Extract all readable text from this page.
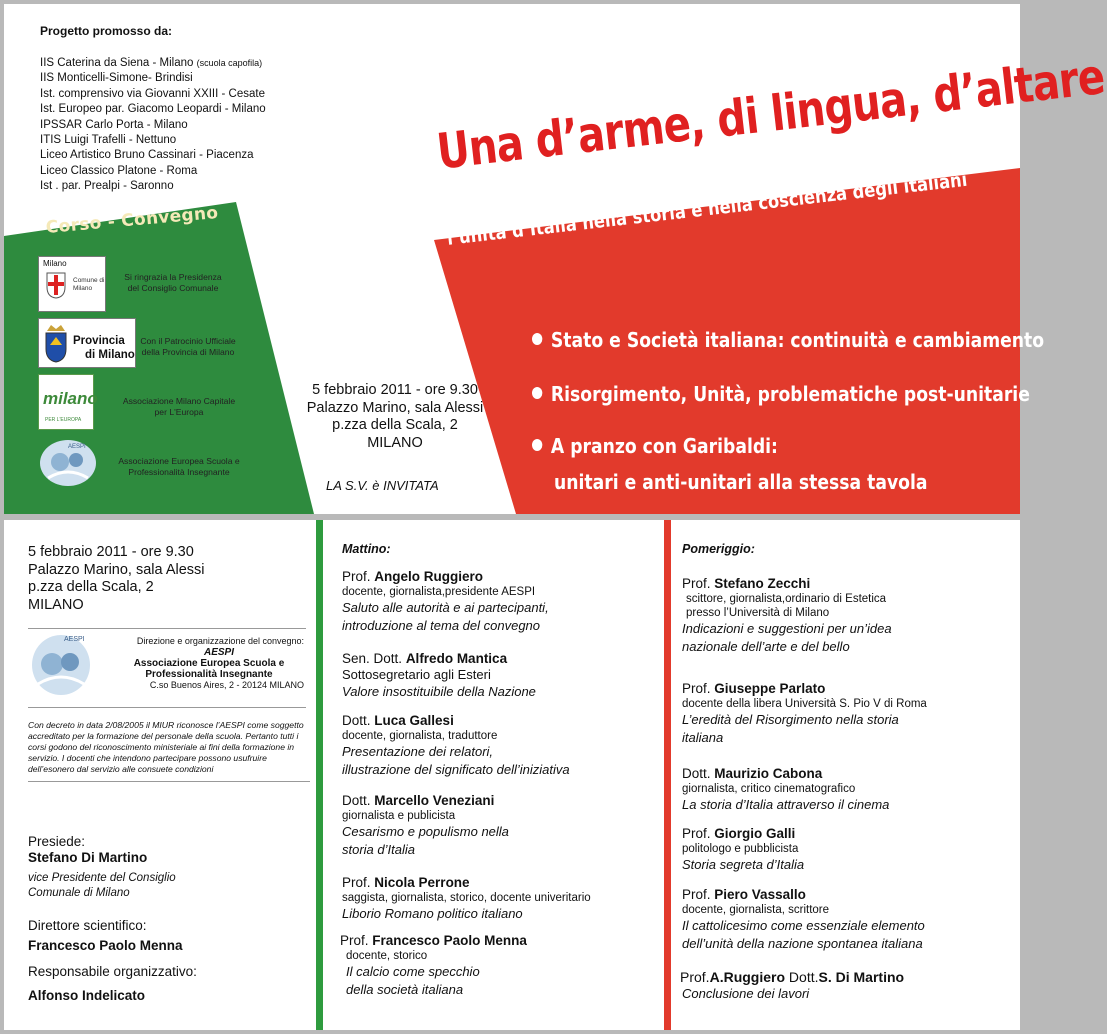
Progetto promosso da:
IIS Caterina da Siena - Milano (scuola capofila)
IIS Monticelli-Simone- Brindisi
Ist. comprensivo via Giovanni XXIII - Cesate
Ist. Europeo par. Giacomo Leopardi - Milano
IPSSAR Carlo Porta - Milano
ITIS Luigi Trafelli - Nettuno
Liceo Artistico Bruno Cassinari - Piacenza
Liceo Classico Platone - Roma
Ist . par. Prealpi - Saronno
Corso - Convegno
Milano
Comune di Milano
Si ringrazia la Presidenza
del Consiglio Comunale
Provincia
di Milano
Con il Patrocinio Ufficiale
della Provincia di Milano
milano
PER L'EUROPA
Associazione Milano Capitale
per L'Europa
AESPI
Associazione Europea Scuola e
Professionalità Insegnante
5 febbraio 2011 - ore 9.30
Palazzo Marino, sala Alessi
p.zza della Scala, 2
MILANO
LA S.V. è INVITATA
Una d’arme, di lingua, d’altare
l’unità d’Italia nella storia e nella coscienza degli italiani
Stato e Società italiana: continuità e cambiamento
Risorgimento, Unità, problematiche post-unitarie
A pranzo con Garibaldi:
unitari e anti-unitari alla stessa tavola
5 febbraio 2011 - ore 9.30
Palazzo Marino, sala Alessi
p.zza della Scala, 2
MILANO
AESPI	Direzione e organizzazione del convegno:
AESPI
Associazione Europea Scuola e
Professionalità Insegnante
C.so Buenos Aires, 2 - 20124 MILANO
Con decreto in data 2/08/2005 il MIUR riconosce l’AESPI come soggetto accreditato per la formazione del personale della scuola. Pertanto tutti i corsi godono del riconoscimento ministeriale ai fini della formazione in servizio. I docenti che intendono partecipare possono usufruire dell’esonero dal servizio alle consuete condizioni
Presiede:
Stefano Di Martino
vice Presidente del Consiglio
Comunale di Milano
Direttore scientifico:
Francesco Paolo Menna
Responsabile organizzativo:
Alfonso Indelicato
Mattino:
Prof. Angelo Ruggiero
docente, giornalista,presidente AESPI
Saluto alle autorità e ai partecipanti,
introduzione al tema del convegno
Sen. Dott. Alfredo Mantica
Sottosegretario agli Esteri
Valore insostituibile della Nazione
Dott. Luca Gallesi
docente, giornalista, traduttore
Presentazione dei relatori,
illustrazione del significato dell’iniziativa
Dott. Marcello Veneziani
giornalista e publicista
Cesarismo e populismo nella
storia d’Italia
Prof. Nicola Perrone
saggista, giornalista, storico, docente univeritario
Liborio Romano politico italiano
Prof. Francesco Paolo Menna
docente, storico
Il calcio come specchio
della società italiana
Pomeriggio:
Prof. Stefano Zecchi
scittore, giornalista,ordinario di Estetica
presso l’Università di Milano
Indicazioni e suggestioni per un’idea
nazionale dell’arte e del bello
Prof. Giuseppe Parlato
docente della libera Università S. Pio V di Roma
L’eredità del Risorgimento nella storia
italiana
Dott. Maurizio Cabona
giornalista, critico cinematografico
La storia d’Italia attraverso il cinema
Prof. Giorgio Galli
politologo e pubblicista
Storia segreta d’Italia
Prof. Piero Vassallo
docente, giornalista, scrittore
Il cattolicesimo come essenziale elemento
dell’unità della nazione spontanea italiana
Prof.A.Ruggiero Dott.S. Di Martino
Conclusione dei lavori
